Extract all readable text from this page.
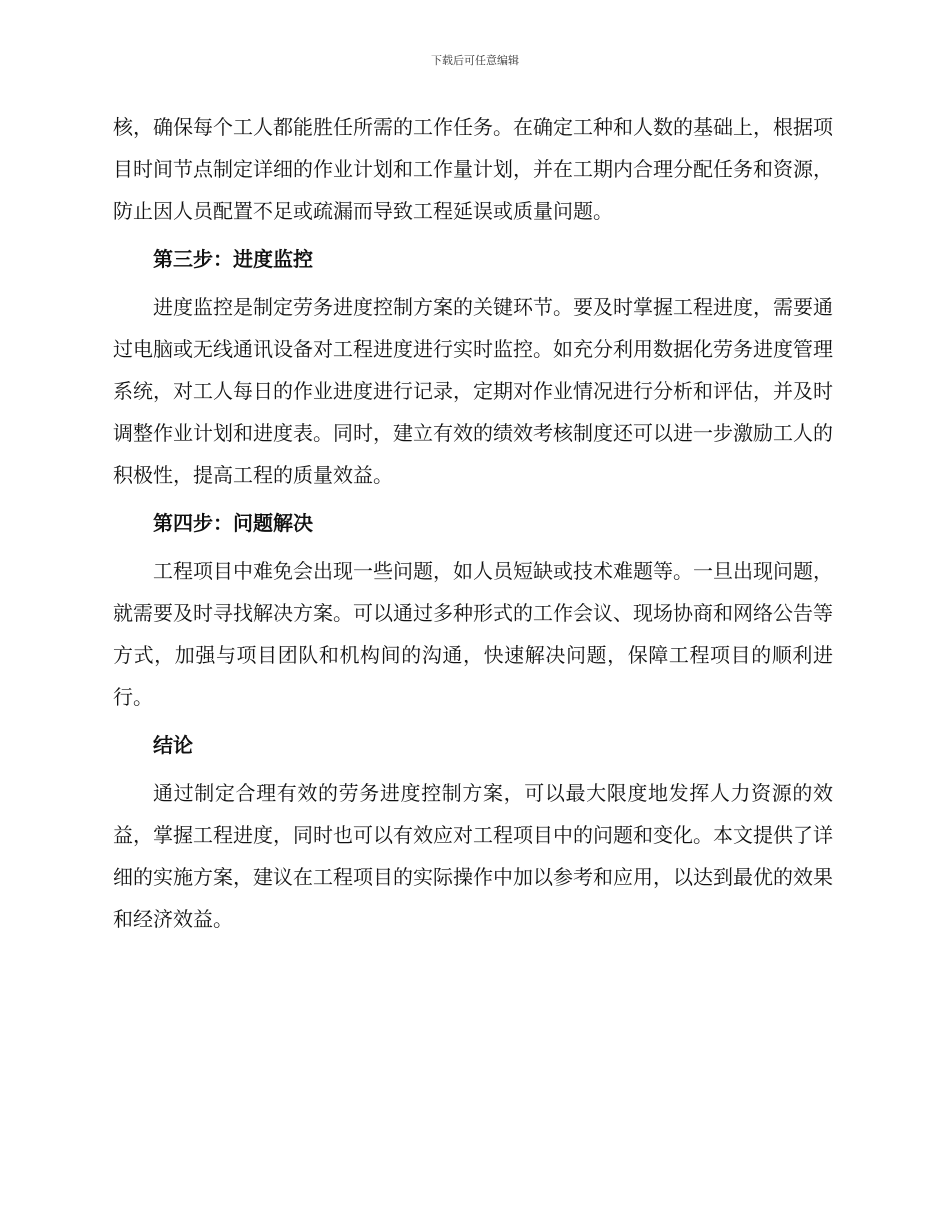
下载后可任意编辑

核，确保每个工人都能胜任所需的工作任务。在确定工种和人数的基础上，根据项目时间节点制定详细的作业计划和工作量计划，并在工期内合理分配任务和资源，防止因人员配置不足或疏漏而导致工程延误或质量问题。

第三步：进度监控

进度监控是制定劳务进度控制方案的关键环节。要及时掌握工程进度，需要通过电脑或无线通讯设备对工程进度进行实时监控。如充分利用数据化劳务进度管理系统，对工人每日的作业进度进行记录，定期对作业情况进行分析和评估，并及时调整作业计划和进度表。同时，建立有效的绩效考核制度还可以进一步激励工人的积极性，提高工程的质量效益。

第四步：问题解决

工程项目中难免会出现一些问题，如人员短缺或技术难题等。一旦出现问题，就需要及时寻找解决方案。可以通过多种形式的工作会议、现场协商和网络公告等方式，加强与项目团队和机构间的沟通，快速解决问题，保障工程项目的顺利进行。

结论

通过制定合理有效的劳务进度控制方案，可以最大限度地发挥人力资源的效益，掌握工程进度，同时也可以有效应对工程项目中的问题和变化。本文提供了详细的实施方案，建议在工程项目的实际操作中加以参考和应用，以达到最优的效果和经济效益。
